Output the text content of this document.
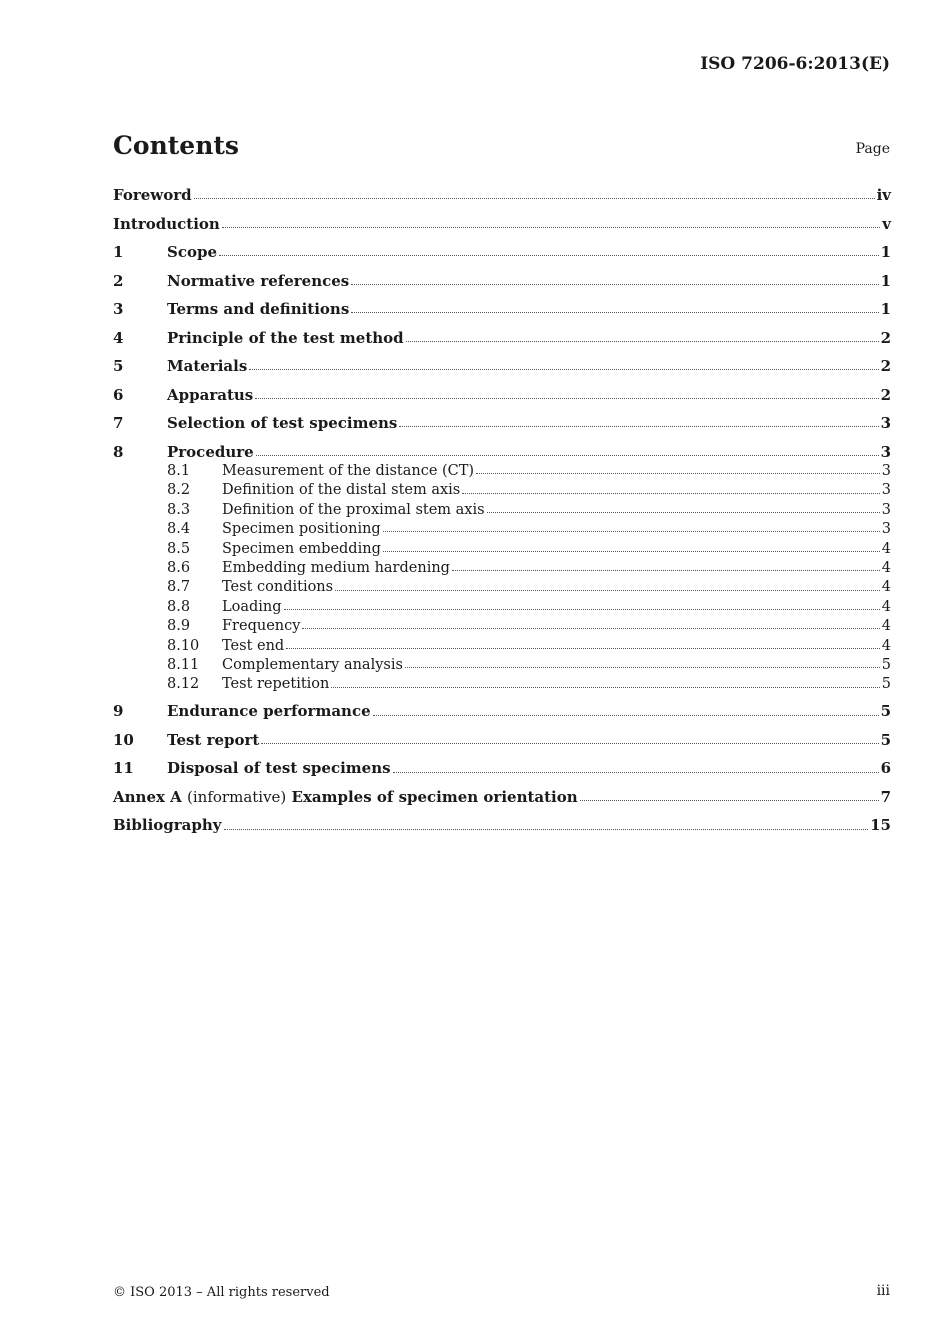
ISO 7206-6:2013(E)
Contents	Page
Foreword	iv
Introduction	v
1	Scope	1
2	Normative references	1
3	Terms and definitions	1
4	Principle of the test method	2
5	Materials	2
6	Apparatus	2
7	Selection of test specimens	3
8	Procedure	3
8.1	Measurement of the distance (CT)	3
8.2	Definition of the distal stem axis	3
8.3	Definition of the proximal stem axis	3
8.4	Specimen positioning	3
8.5	Specimen embedding	4
8.6	Embedding medium hardening	4
8.7	Test conditions	4
8.8	Loading	4
8.9	Frequency	4
8.10	Test end	4
8.11	Complementary analysis	5
8.12	Test repetition	5
9	Endurance performance	5
10	Test report	5
11	Disposal of test specimens	6
Annex A (informative) Examples of specimen orientation	7
Bibliography	15
© ISO 2013 – All rights reserved	iii
